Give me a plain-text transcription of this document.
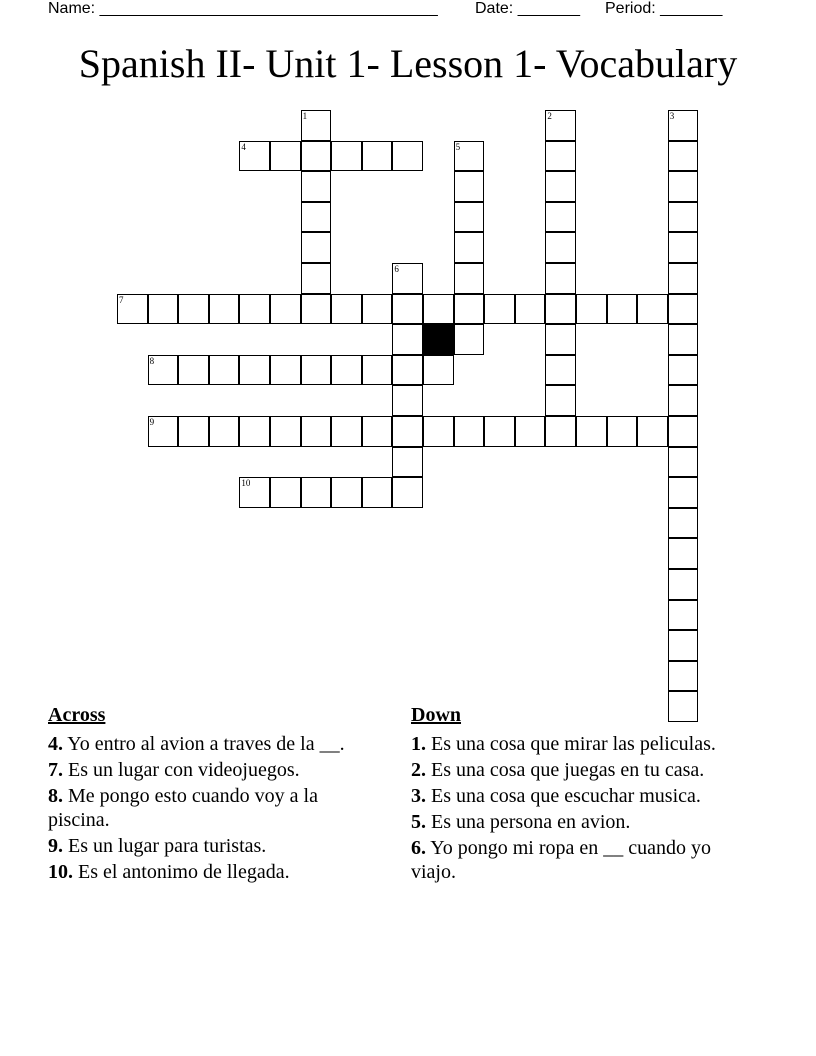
Name: ______________________________________ Date: _______ Period: _______
Spanish II- Unit 1- Lesson 1- Vocabulary
1
4	5
2	3
6
7
8
9
10
Across
4. Yo entro al avion a traves de la __.
7. Es un lugar con videojuegos.
8. Me pongo esto cuando voy a la piscina.
9. Es un lugar para turistas.
10. Es el antonimo de llegada.
Down
1. Es una cosa que mirar las peliculas.
2. Es una cosa que juegas en tu casa.
3. Es una cosa que escuchar musica.
5. Es una persona en avion.
6. Yo pongo mi ropa en __ cuando yo viajo.
